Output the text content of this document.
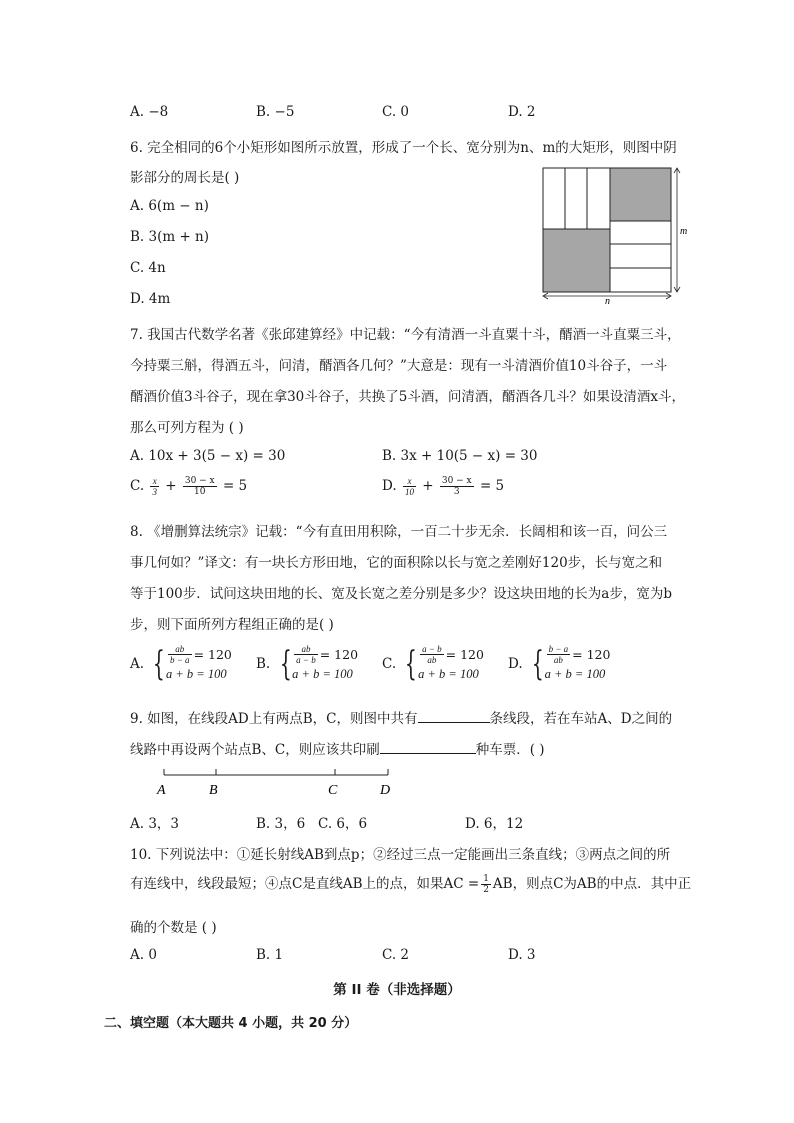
A. −8	B. −5	C. 0	D. 2
6. 完全相同的6个小矩形如图所示放置，形成了一个长、宽分别为n、m的大矩形，则图中阴
影部分的周长是( )
A. 6(m − n)
B. 3(m + n)
C. 4n
D. 4m
m
n
7. 我国古代数学名著《张邱建算经》中记载：“今有清酒一斗直粟十斗，醑酒一斗直粟三斗，
今持粟三斛，得酒五斗，问清，醑酒各几何？”大意是：现有一斗清酒价值10斗谷子，一斗
醑酒价值3斗谷子，现在拿30斗谷子，共换了5斗酒，问清酒，醑酒各几斗？如果设清酒x斗，
那么可列方程为 ( )
A. 10x + 3(5 − x) = 30	B. 3x + 10(5 − x) = 30
C. $\frac{x}{3} + \frac{30 - x}{10} = 5$	D. $\frac{x}{10} + \frac{30 - x}{3} = 5$
8. 《增删算法统宗》记载：“今有直田用积除，一百二十步无余．长阔相和该一百，问公三
事几何如？”译文：有一块长方形田地，它的面积除以长与宽之差刚好120步，长与宽之和
等于100步．试问这块田地的长、宽及长宽之差分别是多少？设这块田地的长为a步，宽为b
步，则下面所列方程组正确的是( )
A. { $\frac{ab}{b - a} = 120$
a + b = 100
B. { $\frac{ab}{a - b} = 120$
a + b = 100
C. { $\frac{a - b}{ab} = 120$
a + b = 100
D. { $\frac{b - a}{ab} = 120$
a + b = 100
9. 如图，在线段AD上有两点B，C，则图中共有	条线段，若在车站A、D之间的
线路中再设两个站点B、C，则应该共印刷	种车票．( )
A	B	C	D
A. 3，3	B. 3，6 C. 6，6	D. 6，12
10. 下列说法中：①延长射线AB到点p；②经过三点一定能画出三条直线；③两点之间的所
有连线中，线段最短；④点C是直线AB上的点，如果AC = $\frac{1}{2}$ AB，则点C为AB的中点．其中正
确的个数是 ( )
A. 0	B. 1	C. 2	D. 3
第 II 卷（非选择题）
二、填空题（本大题共 4 小题，共 20 分）
